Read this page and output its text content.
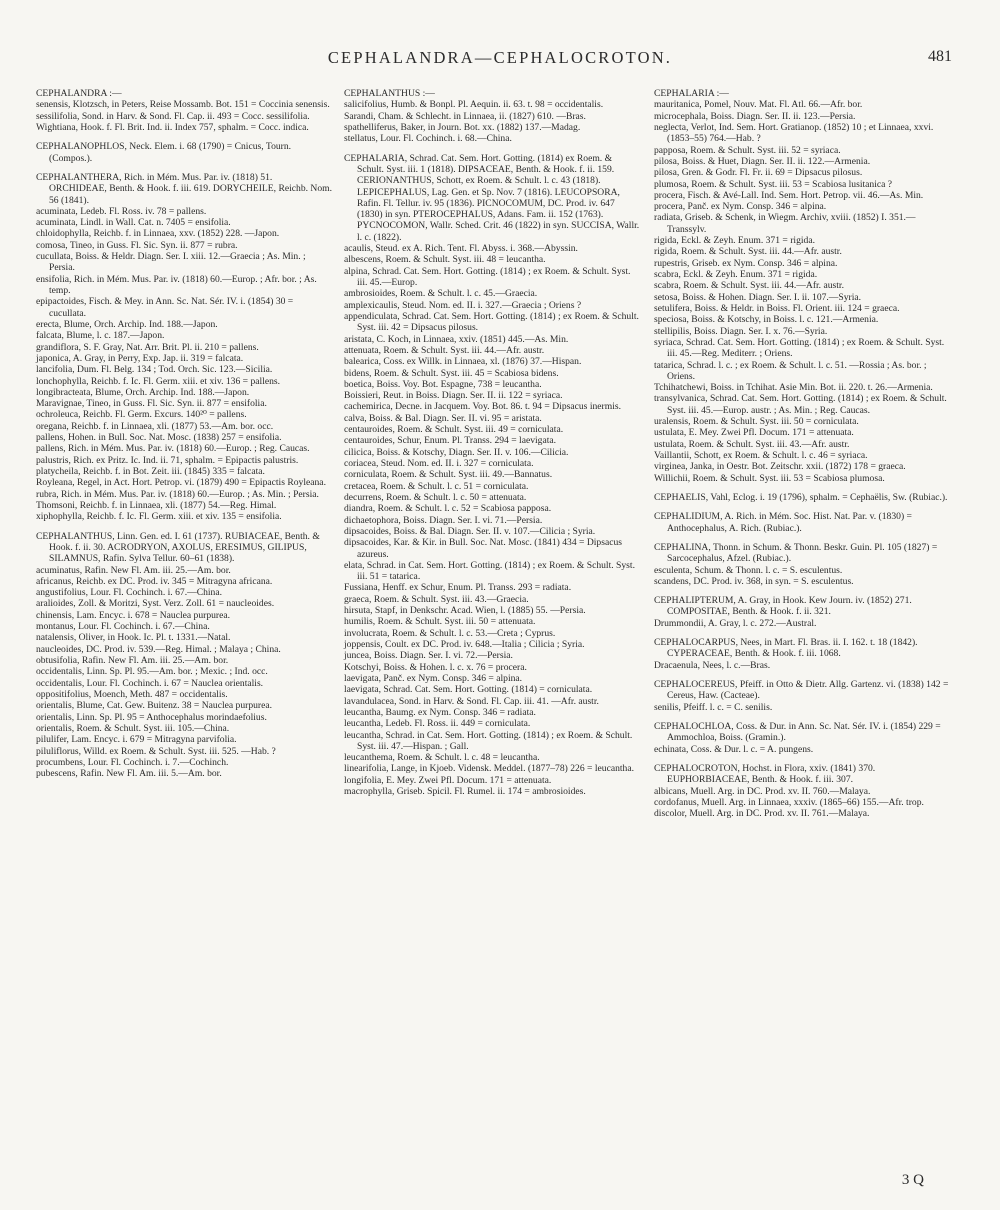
CEPHALANDRA—CEPHALOCROTON.	481
CEPHALANDRA :—
senensis, Klotzsch, in Peters, Reise Mossamb. Bot. 151 = Coccinia senensis.
sessilifolia, Sond. in Harv. & Sond. Fl. Cap. ii. 493 = Cocc. sessilifolia.
Wightiana, Hook. f. Fl. Brit. Ind. ii. Index 757, sphalm. = Cocc. indica.
CEPHALANOPHLOS, Neck. Elem. i. 68 (1790) = Cnicus, Tourn. (Compos.).
CEPHALANTHERA, Rich. in Mém. Mus. Par. iv. (1818) 51. ORCHIDEAE, Benth. & Hook. f. iii. 619. DORYCHEILE, Reichb. Nom. 56 (1841).
acuminata, Ledeb. Fl. Ross. iv. 78 = pallens.
acuminata, Lindl. in Wall. Cat. n. 7405 = ensifolia.
chloidophylla, Reichb. f. in Linnaea, xxv. (1852) 228. —Japon.
comosa, Tineo, in Guss. Fl. Sic. Syn. ii. 877 = rubra.
cucullata, Boiss. & Heldr. Diagn. Ser. I. xiii. 12.—Graecia ; As. Min. ; Persia.
ensifolia, Rich. in Mém. Mus. Par. iv. (1818) 60.—Europ. ; Afr. bor. ; As. temp.
epipactoides, Fisch. & Mey. in Ann. Sc. Nat. Sér. IV. i. (1854) 30 = cucullata.
erecta, Blume, Orch. Archip. Ind. 188.—Japon.
falcata, Blume, l. c. 187.—Japon.
grandiflora, S. F. Gray, Nat. Arr. Brit. Pl. ii. 210 = pallens.
japonica, A. Gray, in Perry, Exp. Jap. ii. 319 = falcata.
lancifolia, Dum. Fl. Belg. 134 ; Tod. Orch. Sic. 123.—Sicilia.
lonchophylla, Reichb. f. Ic. Fl. Germ. xiii. et xiv. 136 = pallens.
longibracteata, Blume, Orch. Archip. Ind. 188.—Japon.
Maravignae, Tineo, in Guss. Fl. Sic. Syn. ii. 877 = ensifolia.
ochroleuca, Reichb. Fl. Germ. Excurs. 140²⁰ = pallens.
oregana, Reichb. f. in Linnaea, xli. (1877) 53.—Am. bor. occ.
pallens, Hohen. in Bull. Soc. Nat. Mosc. (1838) 257 = ensifolia.
pallens, Rich. in Mém. Mus. Par. iv. (1818) 60.—Europ. ; Reg. Caucas.
palustris, Rich. ex Pritz. Ic. Ind. ii. 71, sphalm. = Epipactis palustris.
platycheila, Reichb. f. in Bot. Zeit. iii. (1845) 335 = falcata.
Royleana, Regel, in Act. Hort. Petrop. vi. (1879) 490 = Epipactis Royleana.
rubra, Rich. in Mém. Mus. Par. iv. (1818) 60.—Europ. ; As. Min. ; Persia.
Thomsoni, Reichb. f. in Linnaea, xli. (1877) 54.—Reg. Himal.
xiphophylla, Reichb. f. Ic. Fl. Germ. xiii. et xiv. 135 = ensifolia.
CEPHALANTHUS, Linn. Gen. ed. I. 61 (1737). RUBIACEAE, Benth. & Hook. f. ii. 30. ACRODRYON, AXOLUS, ERESIMUS, GILIPUS, SILAMNUS, Rafin. Sylva Tellur. 60–61 (1838).
acuminatus, Rafin. New Fl. Am. iii. 25.—Am. bor.
africanus, Reichb. ex DC. Prod. iv. 345 = Mitragyna africana.
angustifolius, Lour. Fl. Cochinch. i. 67.—China.
aralioides, Zoll. & Moritzi, Syst. Verz. Zoll. 61 = naucleoides.
chinensis, Lam. Encyc. i. 678 = Nauclea purpurea.
montanus, Lour. Fl. Cochinch. i. 67.—China.
natalensis, Oliver, in Hook. Ic. Pl. t. 1331.—Natal.
naucleoides, DC. Prod. iv. 539.—Reg. Himal. ; Malaya ; China.
obtusifolia, Rafin. New Fl. Am. iii. 25.—Am. bor.
occidentalis, Linn. Sp. Pl. 95.—Am. bor. ; Mexic. ; Ind. occ.
occidentalis, Lour. Fl. Cochinch. i. 67 = Nauclea orientalis.
oppositifolius, Moench, Meth. 487 = occidentalis.
orientalis, Blume, Cat. Gew. Buitenz. 38 = Nauclea purpurea.
orientalis, Linn. Sp. Pl. 95 = Anthocephalus morindaefolius.
orientalis, Roem. & Schult. Syst. iii. 105.—China.
pilulifer, Lam. Encyc. i. 679 = Mitragyna parvifolia.
piluliflorus, Willd. ex Roem. & Schult. Syst. iii. 525. —Hab. ?
procumbens, Lour. Fl. Cochinch. i. 7.—Cochinch.
pubescens, Rafin. New Fl. Am. iii. 5.—Am. bor.
CEPHALANTHUS :—
salicifolius, Humb. & Bonpl. Pl. Aequin. ii. 63. t. 98 = occidentalis.
Sarandi, Cham. & Schlecht. in Linnaea, ii. (1827) 610. —Bras.
spathelliferus, Baker, in Journ. Bot. xx. (1882) 137.—Madag.
stellatus, Lour. Fl. Cochinch. i. 68.—China.
CEPHALARIA, Schrad. Cat. Sem. Hort. Gotting. (1814) ex Roem. & Schult. Syst. iii. 1 (1818). DIPSACEAE, Benth. & Hook. f. ii. 159. CERIONANTHUS, Schott, ex Roem. & Schult. l. c. 43 (1818). LEPICEPHALUS, Lag. Gen. et Sp. Nov. 7 (1816). LEUCOPSORA, Rafin. Fl. Tellur. iv. 95 (1836). PICNOCOMUM, DC. Prod. iv. 647 (1830) in syn. PTEROCEPHALUS, Adans. Fam. ii. 152 (1763). PYCNOCOMON, Wallr. Sched. Crit. 46 (1822) in syn. SUCCISA, Wallr. l. c. (1822).
acaulis, Steud. ex A. Rich. Tent. Fl. Abyss. i. 368.—Abyssin.
albescens, Roem. & Schult. Syst. iii. 48 = leucantha.
alpina, Schrad. Cat. Sem. Hort. Gotting. (1814) ; ex Roem. & Schult. Syst. iii. 45.—Europ.
ambrosioides, Roem. & Schult. l. c. 45.—Graecia.
amplexicaulis, Steud. Nom. ed. II. i. 327.—Graecia ; Oriens ?
appendiculata, Schrad. Cat. Sem. Hort. Gotting. (1814) ; ex Roem. & Schult. Syst. iii. 42 = Dipsacus pilosus.
aristata, C. Koch, in Linnaea, xxiv. (1851) 445.—As. Min.
attenuata, Roem. & Schult. Syst. iii. 44.—Afr. austr.
balearica, Coss. ex Willk. in Linnaea, xl. (1876) 37.—Hispan.
bidens, Roem. & Schult. Syst. iii. 45 = Scabiosa bidens.
boetica, Boiss. Voy. Bot. Espagne, 738 = leucantha.
Boissieri, Reut. in Boiss. Diagn. Ser. II. ii. 122 = syriaca.
cachemirica, Decne. in Jacquem. Voy. Bot. 86. t. 94 = Dipsacus inermis.
calva, Boiss. & Bal. Diagn. Ser. II. vi. 95 = aristata.
centauroides, Roem. & Schult. Syst. iii. 49 = corniculata.
centauroides, Schur, Enum. Pl. Transs. 294 = laevigata.
cilicica, Boiss. & Kotschy, Diagn. Ser. II. v. 106.—Cilicia.
coriacea, Steud. Nom. ed. II. i. 327 = corniculata.
corniculata, Roem. & Schult. Syst. iii. 49.—Bannatus.
cretacea, Roem. & Schult. l. c. 51 = corniculata.
decurrens, Roem. & Schult. l. c. 50 = attenuata.
diandra, Roem. & Schult. l. c. 52 = Scabiosa papposa.
dichaetophora, Boiss. Diagn. Ser. I. vi. 71.—Persia.
dipsacoides, Boiss. & Bal. Diagn. Ser. II. v. 107.—Cilicia ; Syria.
dipsacoides, Kar. & Kir. in Bull. Soc. Nat. Mosc. (1841) 434 = Dipsacus azureus.
elata, Schrad. in Cat. Sem. Hort. Gotting. (1814) ; ex Roem. & Schult. Syst. iii. 51 = tatarica.
Fussiana, Henff. ex Schur, Enum. Pl. Transs. 293 = radiata.
graeca, Roem. & Schult. Syst. iii. 43.—Graecia.
hirsuta, Stapf, in Denkschr. Acad. Wien, l. (1885) 55. —Persia.
humilis, Roem. & Schult. Syst. iii. 50 = attenuata.
involucrata, Roem. & Schult. l. c. 53.—Creta ; Cyprus.
joppensis, Coult. ex DC. Prod. iv. 648.—Italia ; Cilicia ; Syria.
juncea, Boiss. Diagn. Ser. I. vi. 72.—Persia.
Kotschyi, Boiss. & Hohen. l. c. x. 76 = procera.
laevigata, Panč. ex Nym. Consp. 346 = alpina.
laevigata, Schrad. Cat. Sem. Hort. Gotting. (1814) = corniculata.
lavandulacea, Sond. in Harv. & Sond. Fl. Cap. iii. 41. —Afr. austr.
leucantha, Baumg. ex Nym. Consp. 346 = radiata.
leucantha, Ledeb. Fl. Ross. ii. 449 = corniculata.
leucantha, Schrad. in Cat. Sem. Hort. Gotting. (1814) ; ex Roem. & Schult. Syst. iii. 47.—Hispan. ; Gall.
leucanthema, Roem. & Schult. l. c. 48 = leucantha.
linearifolia, Lange, in Kjoeb. Vidensk. Meddel. (1877–78) 226 = leucantha.
longifolia, E. Mey. Zwei Pfl. Docum. 171 = attenuata.
macrophylla, Griseb. Spicil. Fl. Rumel. ii. 174 = ambrosioides.
CEPHALARIA :—
mauritanica, Pomel, Nouv. Mat. Fl. Atl. 66.—Afr. bor.
microcephala, Boiss. Diagn. Ser. II. ii. 123.—Persia.
neglecta, Verlot, Ind. Sem. Hort. Gratianop. (1852) 10 ; et Linnaea, xxvi. (1853–55) 764.—Hab. ?
papposa, Roem. & Schult. Syst. iii. 52 = syriaca.
pilosa, Boiss. & Huet, Diagn. Ser. II. ii. 122.—Armenia.
pilosa, Gren. & Godr. Fl. Fr. ii. 69 = Dipsacus pilosus.
plumosa, Roem. & Schult. Syst. iii. 53 = Scabiosa lusitanica ?
procera, Fisch. & Avé-Lall. Ind. Sem. Hort. Petrop. vii. 46.—As. Min.
procera, Panč. ex Nym. Consp. 346 = alpina.
radiata, Griseb. & Schenk, in Wiegm. Archiv, xviii. (1852) I. 351.—Transsylv.
rigida, Eckl. & Zeyh. Enum. 371 = rigida.
rigida, Roem. & Schult. Syst. iii. 44.—Afr. austr.
rupestris, Griseb. ex Nym. Consp. 346 = alpina.
scabra, Eckl. & Zeyh. Enum. 371 = rigida.
scabra, Roem. & Schult. Syst. iii. 44.—Afr. austr.
setosa, Boiss. & Hohen. Diagn. Ser. I. ii. 107.—Syria.
setulifera, Boiss. & Heldr. in Boiss. Fl. Orient. iii. 124 = graeca.
speciosa, Boiss. & Kotschy, in Boiss. l. c. 121.—Armenia.
stellipilis, Boiss. Diagn. Ser. I. x. 76.—Syria.
syriaca, Schrad. Cat. Sem. Hort. Gotting. (1814) ; ex Roem. & Schult. Syst. iii. 45.—Reg. Mediterr. ; Oriens.
tatarica, Schrad. l. c. ; ex Roem. & Schult. l. c. 51. —Rossia ; As. bor. ; Oriens.
Tchihatchewi, Boiss. in Tchihat. Asie Min. Bot. ii. 220. t. 26.—Armenia.
transylvanica, Schrad. Cat. Sem. Hort. Gotting. (1814) ; ex Roem. & Schult. Syst. iii. 45.—Europ. austr. ; As. Min. ; Reg. Caucas.
uralensis, Roem. & Schult. Syst. iii. 50 = corniculata.
ustulata, E. Mey. Zwei Pfl. Docum. 171 = attenuata.
ustulata, Roem. & Schult. Syst. iii. 43.—Afr. austr.
Vaillantii, Schott, ex Roem. & Schult. l. c. 46 = syriaca.
virginea, Janka, in Oestr. Bot. Zeitschr. xxii. (1872) 178 = graeca.
Willichii, Roem. & Schult. Syst. iii. 53 = Scabiosa plumosa.
CEPHAELIS, Vahl, Eclog. i. 19 (1796), sphalm. = Cephaëlis, Sw. (Rubiac.).
CEPHALIDIUM, A. Rich. in Mém. Soc. Hist. Nat. Par. v. (1830) = Anthocephalus, A. Rich. (Rubiac.).
CEPHALINA, Thonn. in Schum. & Thonn. Beskr. Guin. Pl. 105 (1827) = Sarcocephalus, Afzel. (Rubiac.).
esculenta, Schum. & Thonn. l. c. = S. esculentus.
scandens, DC. Prod. iv. 368, in syn. = S. esculentus.
CEPHALIPTERUM, A. Gray, in Hook. Kew Journ. iv. (1852) 271. COMPOSITAE, Benth. & Hook. f. ii. 321.
Drummondii, A. Gray, l. c. 272.—Austral.
CEPHALOCARPUS, Nees, in Mart. Fl. Bras. ii. I. 162. t. 18 (1842). CYPERACEAE, Benth. & Hook. f. iii. 1068.
Dracaenula, Nees, l. c.—Bras.
CEPHALOCEREUS, Pfeiff. in Otto & Dietr. Allg. Gartenz. vi. (1838) 142 = Cereus, Haw. (Cacteae).
senilis, Pfeiff. l. c. = C. senilis.
CEPHALOCHLOA, Coss. & Dur. in Ann. Sc. Nat. Sér. IV. i. (1854) 229 = Ammochloa, Boiss. (Gramin.).
echinata, Coss. & Dur. l. c. = A. pungens.
CEPHALOCROTON, Hochst. in Flora, xxiv. (1841) 370. EUPHORBIACEAE, Benth. & Hook. f. iii. 307.
albicans, Muell. Arg. in DC. Prod. xv. II. 760.—Malaya.
cordofanus, Muell. Arg. in Linnaea, xxxiv. (1865–66) 155.—Afr. trop.
discolor, Muell. Arg. in DC. Prod. xv. II. 761.—Malaya.
3 Q
